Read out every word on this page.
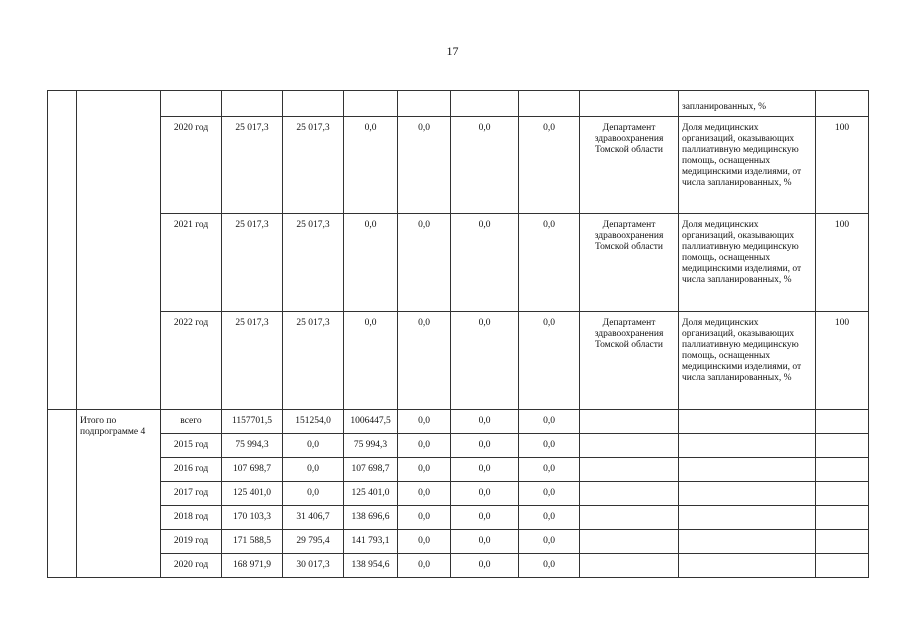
17
										запланированных, %	
		2020 год	25 017,3	25 017,3	0,0	0,0	0,0	0,0	Департамент здравоохранения Томской области	Доля медицинских организаций, оказывающих паллиативную медицинскую помощь, оснащенных медицинскими изделиями, от числа запланированных, %	100
		2021 год	25 017,3	25 017,3	0,0	0,0	0,0	0,0	Департамент здравоохранения Томской области	Доля медицинских организаций, оказывающих паллиативную медицинскую помощь, оснащенных медицинскими изделиями, от числа запланированных, %	100
		2022 год	25 017,3	25 017,3	0,0	0,0	0,0	0,0	Департамент здравоохранения Томской области	Доля медицинских организаций, оказывающих паллиативную медицинскую помощь, оснащенных медицинскими изделиями, от числа запланированных, %	100
	Итого по подпрограмме 4	всего	1157701,5	151254,0	1006447,5	0,0	0,0	0,0			
		2015 год	75 994,3	0,0	75 994,3	0,0	0,0	0,0			
		2016 год	107 698,7	0,0	107 698,7	0,0	0,0	0,0			
		2017 год	125 401,0	0,0	125 401,0	0,0	0,0	0,0			
		2018 год	170 103,3	31 406,7	138 696,6	0,0	0,0	0,0			
		2019 год	171 588,5	29 795,4	141 793,1	0,0	0,0	0,0			
		2020 год	168 971,9	30 017,3	138 954,6	0,0	0,0	0,0			
